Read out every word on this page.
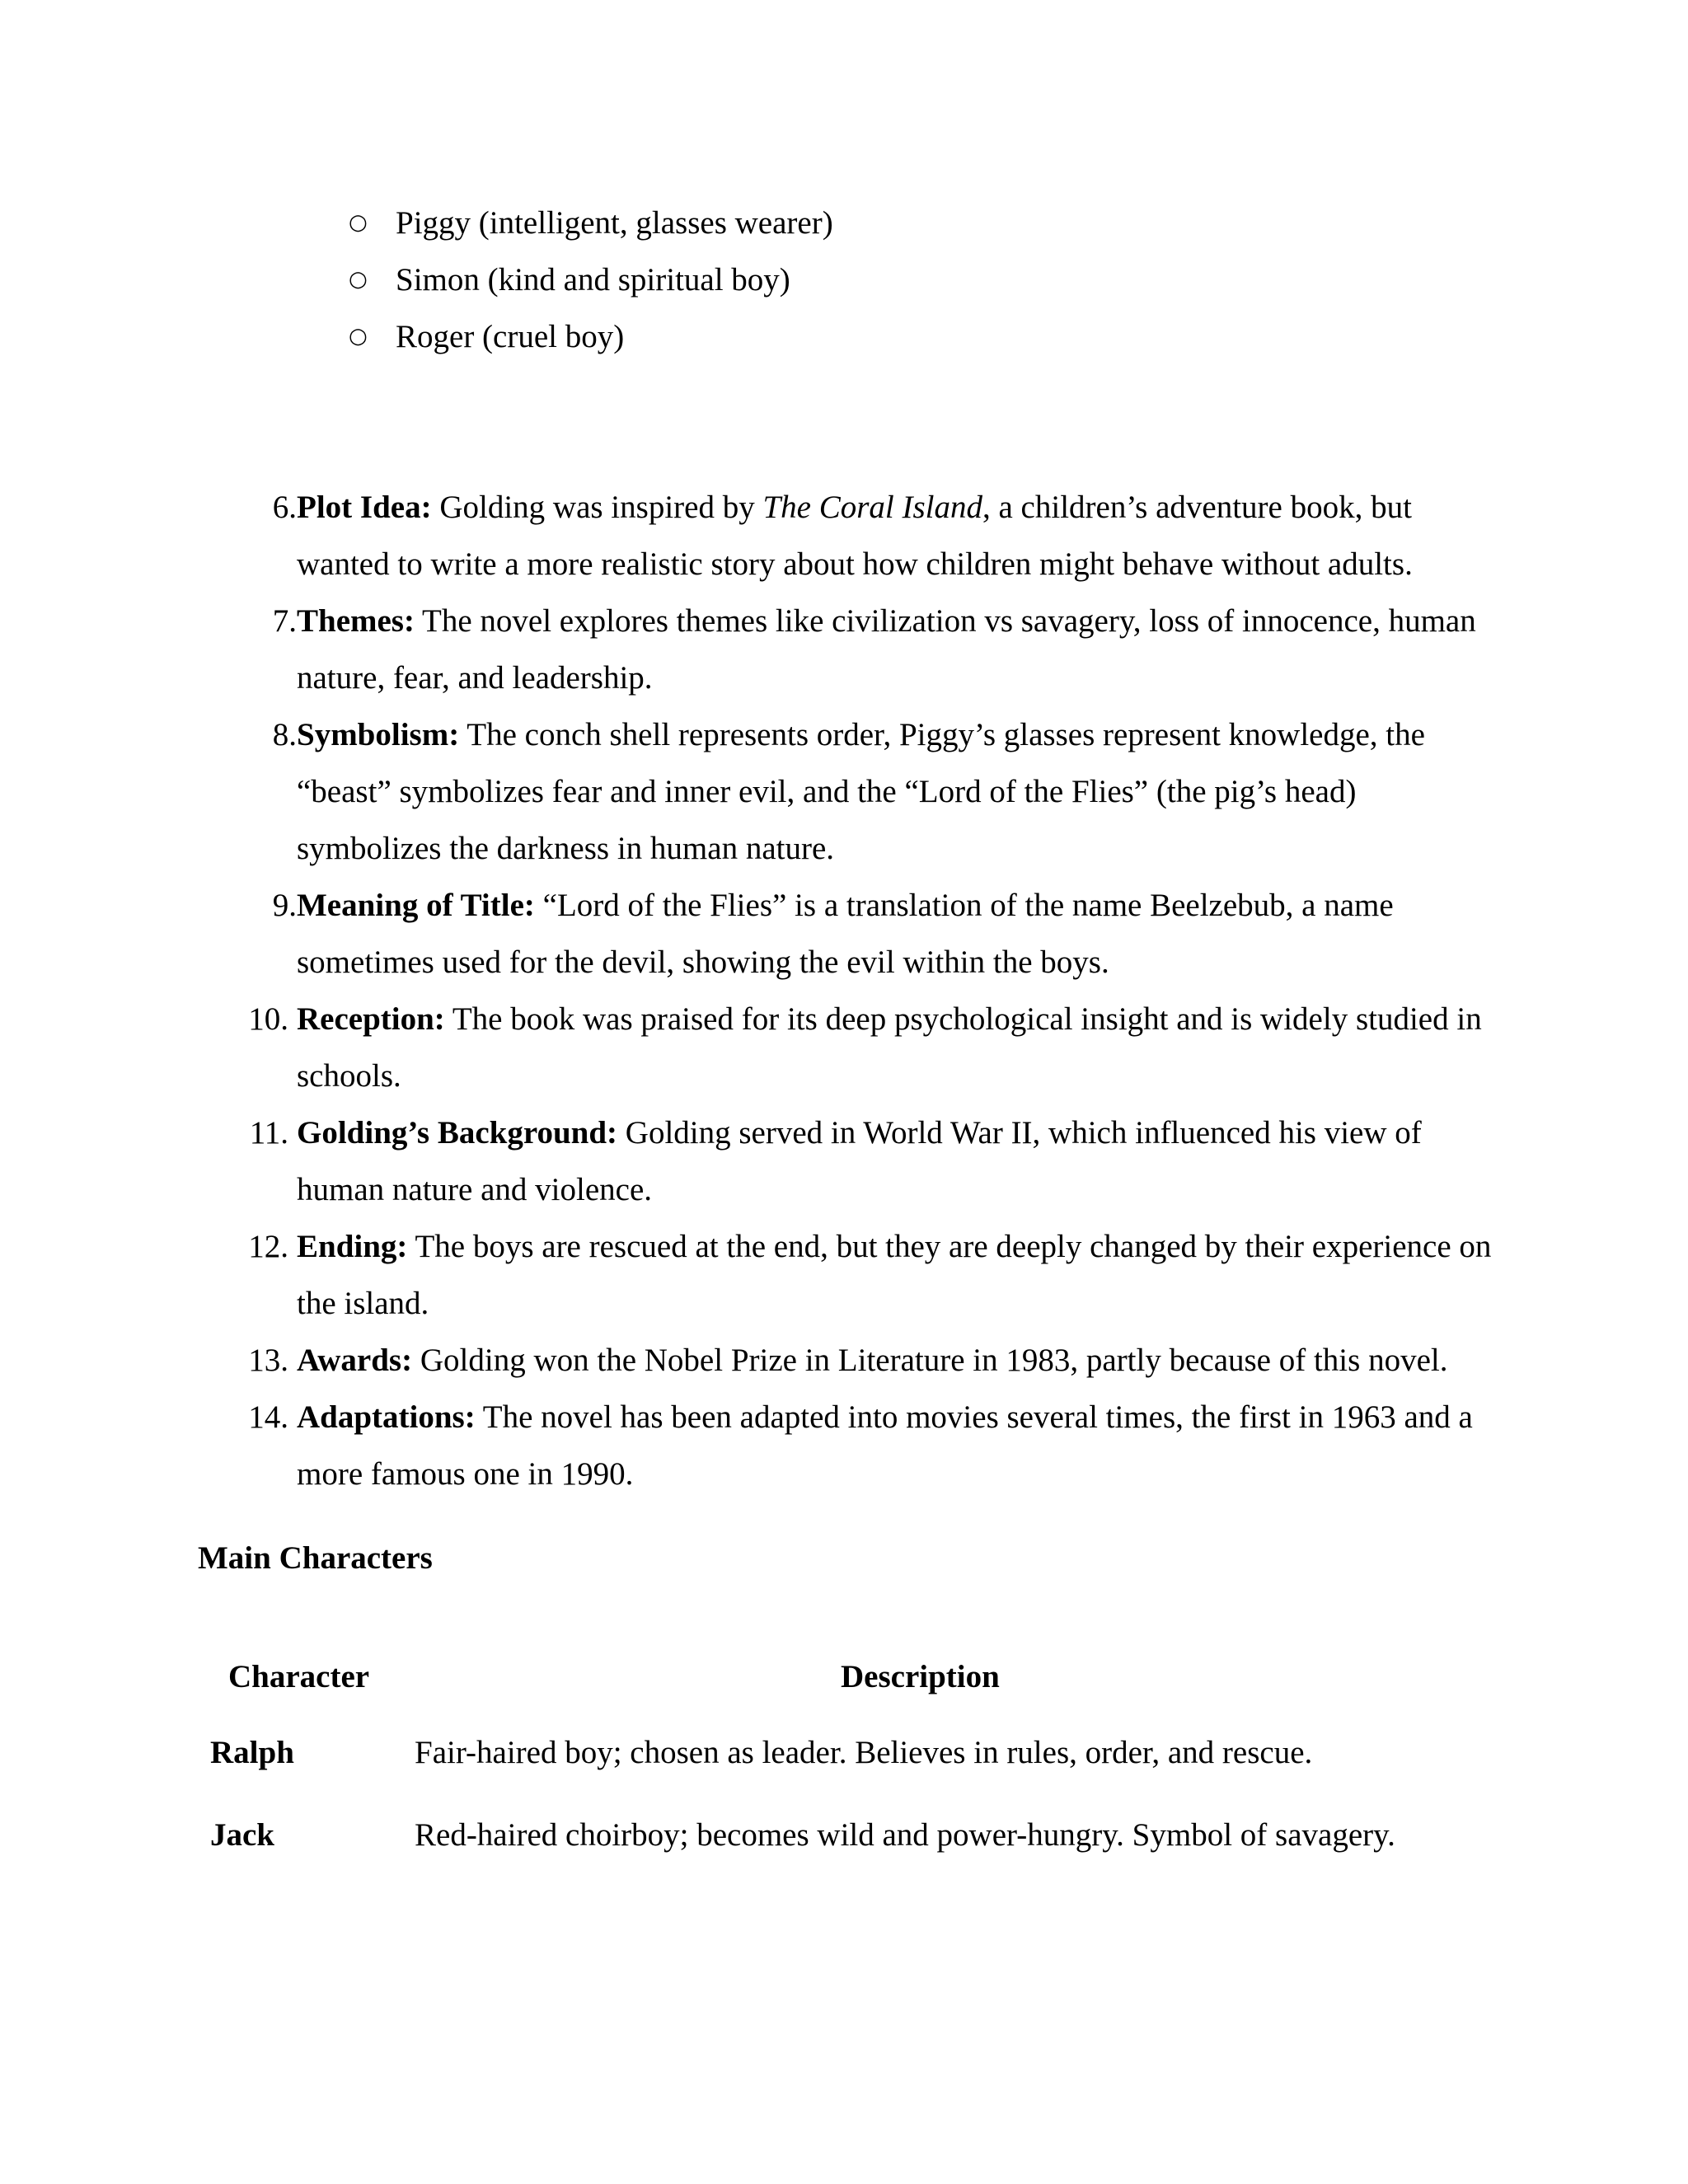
○ Piggy (intelligent, glasses wearer)
○ Simon (kind and spiritual boy)
○ Roger (cruel boy)
6. Plot Idea: Golding was inspired by The Coral Island, a children’s adventure book, but wanted to write a more realistic story about how children might behave without adults.
7. Themes: The novel explores themes like civilization vs savagery, loss of innocence, human nature, fear, and leadership.
8. Symbolism: The conch shell represents order, Piggy’s glasses represent knowledge, the “beast” symbolizes fear and inner evil, and the “Lord of the Flies” (the pig’s head) symbolizes the darkness in human nature.
9. Meaning of Title: “Lord of the Flies” is a translation of the name Beelzebub, a name sometimes used for the devil, showing the evil within the boys.
10. Reception: The book was praised for its deep psychological insight and is widely studied in schools.
11. Golding’s Background: Golding served in World War II, which influenced his view of human nature and violence.
12. Ending: The boys are rescued at the end, but they are deeply changed by their experience on the island.
13. Awards: Golding won the Nobel Prize in Literature in 1983, partly because of this novel.
14. Adaptations: The novel has been adapted into movies several times, the first in 1963 and a more famous one in 1990.
Main Characters
Character	Description
Ralph	Fair-haired boy; chosen as leader. Believes in rules, order, and rescue.
Jack	Red-haired choirboy; becomes wild and power-hungry. Symbol of savagery.
